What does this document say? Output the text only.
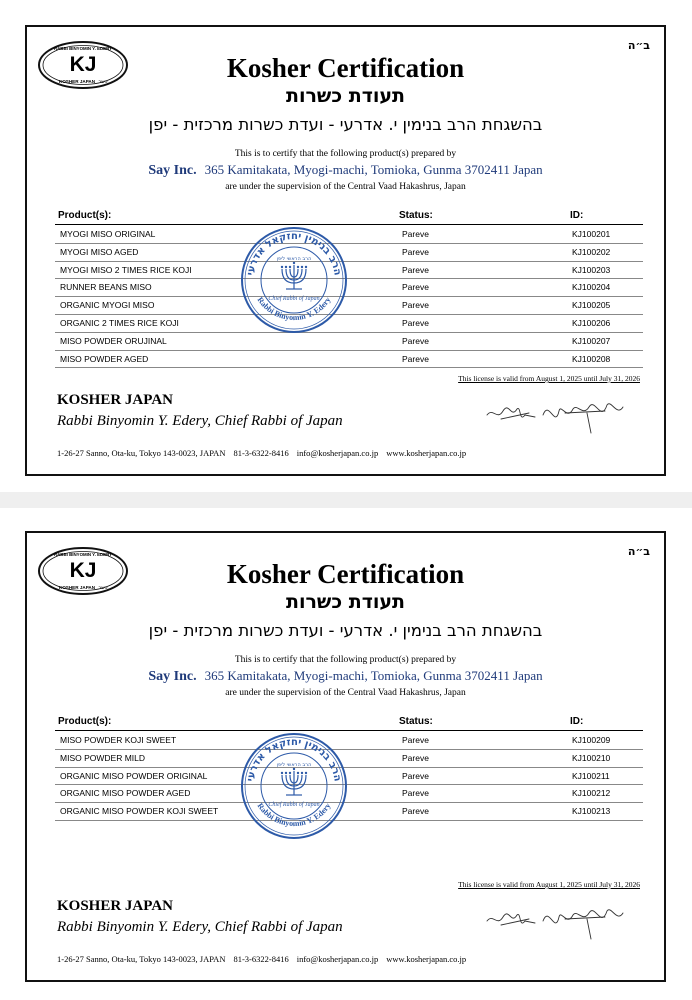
RABBI BINYOMIN Y. EDERY
KJ
KOSHER JAPAN כשר
ב״ה
Kosher Certification
תעודת כשרות
בהשגחת הרב בנימין י. אדרעי - ועדת כשרות מרכזית - יפן
This is to certify that the following product(s) prepared by
Say Inc. 365 Kamitakata, Myogi-machi, Tomioka, Gunma 3702411 Japan
are under the supervision of the Central Vaad Hakashrus, Japan
Product(s):	Status:	ID:
MYOGI MISO ORIGINAL	Pareve	KJ100201
MYOGI MISO AGED	Pareve	KJ100202
MYOGI MISO 2 TIMES RICE KOJI	Pareve	KJ100203
RUNNER BEANS MISO	Pareve	KJ100204
ORGANIC MYOGI MISO	Pareve	KJ100205
ORGANIC 2 TIMES RICE KOJI	Pareve	KJ100206
MISO POWDER ORUJINAL	Pareve	KJ100207
MISO POWDER AGED	Pareve	KJ100208
הרב בנימין יחזקאל אדרעי
Rabbi Binyomin Y. Edery
הרב הראשי ליפן
Chief Rabbi of Japan
This license is valid from August 1, 2025 until July 31, 2026
KOSHER JAPAN
Rabbi Binyomin Y. Edery, Chief Rabbi of Japan
1-26-27 Sanno, Ota-ku, Tokyo 143-0023, JAPAN 81-3-6322-8416 info@kosherjapan.co.jp www.kosherjapan.co.jp
RABBI BINYOMIN Y. EDERY
KJ
KOSHER JAPAN כשר
ב״ה
Kosher Certification
תעודת כשרות
בהשגחת הרב בנימין י. אדרעי - ועדת כשרות מרכזית - יפן
This is to certify that the following product(s) prepared by
Say Inc. 365 Kamitakata, Myogi-machi, Tomioka, Gunma 3702411 Japan
are under the supervision of the Central Vaad Hakashrus, Japan
Product(s):	Status:	ID:
MISO POWDER KOJI SWEET	Pareve	KJ100209
MISO POWDER MILD	Pareve	KJ100210
ORGANIC MISO POWDER ORIGINAL	Pareve	KJ100211
ORGANIC MISO POWDER AGED	Pareve	KJ100212
ORGANIC MISO POWDER KOJI SWEET	Pareve	KJ100213
הרב בנימין יחזקאל אדרעי
Rabbi Binyomin Y. Edery
הרב הראשי ליפן
Chief Rabbi of Japan
This license is valid from August 1, 2025 until July 31, 2026
KOSHER JAPAN
Rabbi Binyomin Y. Edery, Chief Rabbi of Japan
1-26-27 Sanno, Ota-ku, Tokyo 143-0023, JAPAN 81-3-6322-8416 info@kosherjapan.co.jp www.kosherjapan.co.jp
